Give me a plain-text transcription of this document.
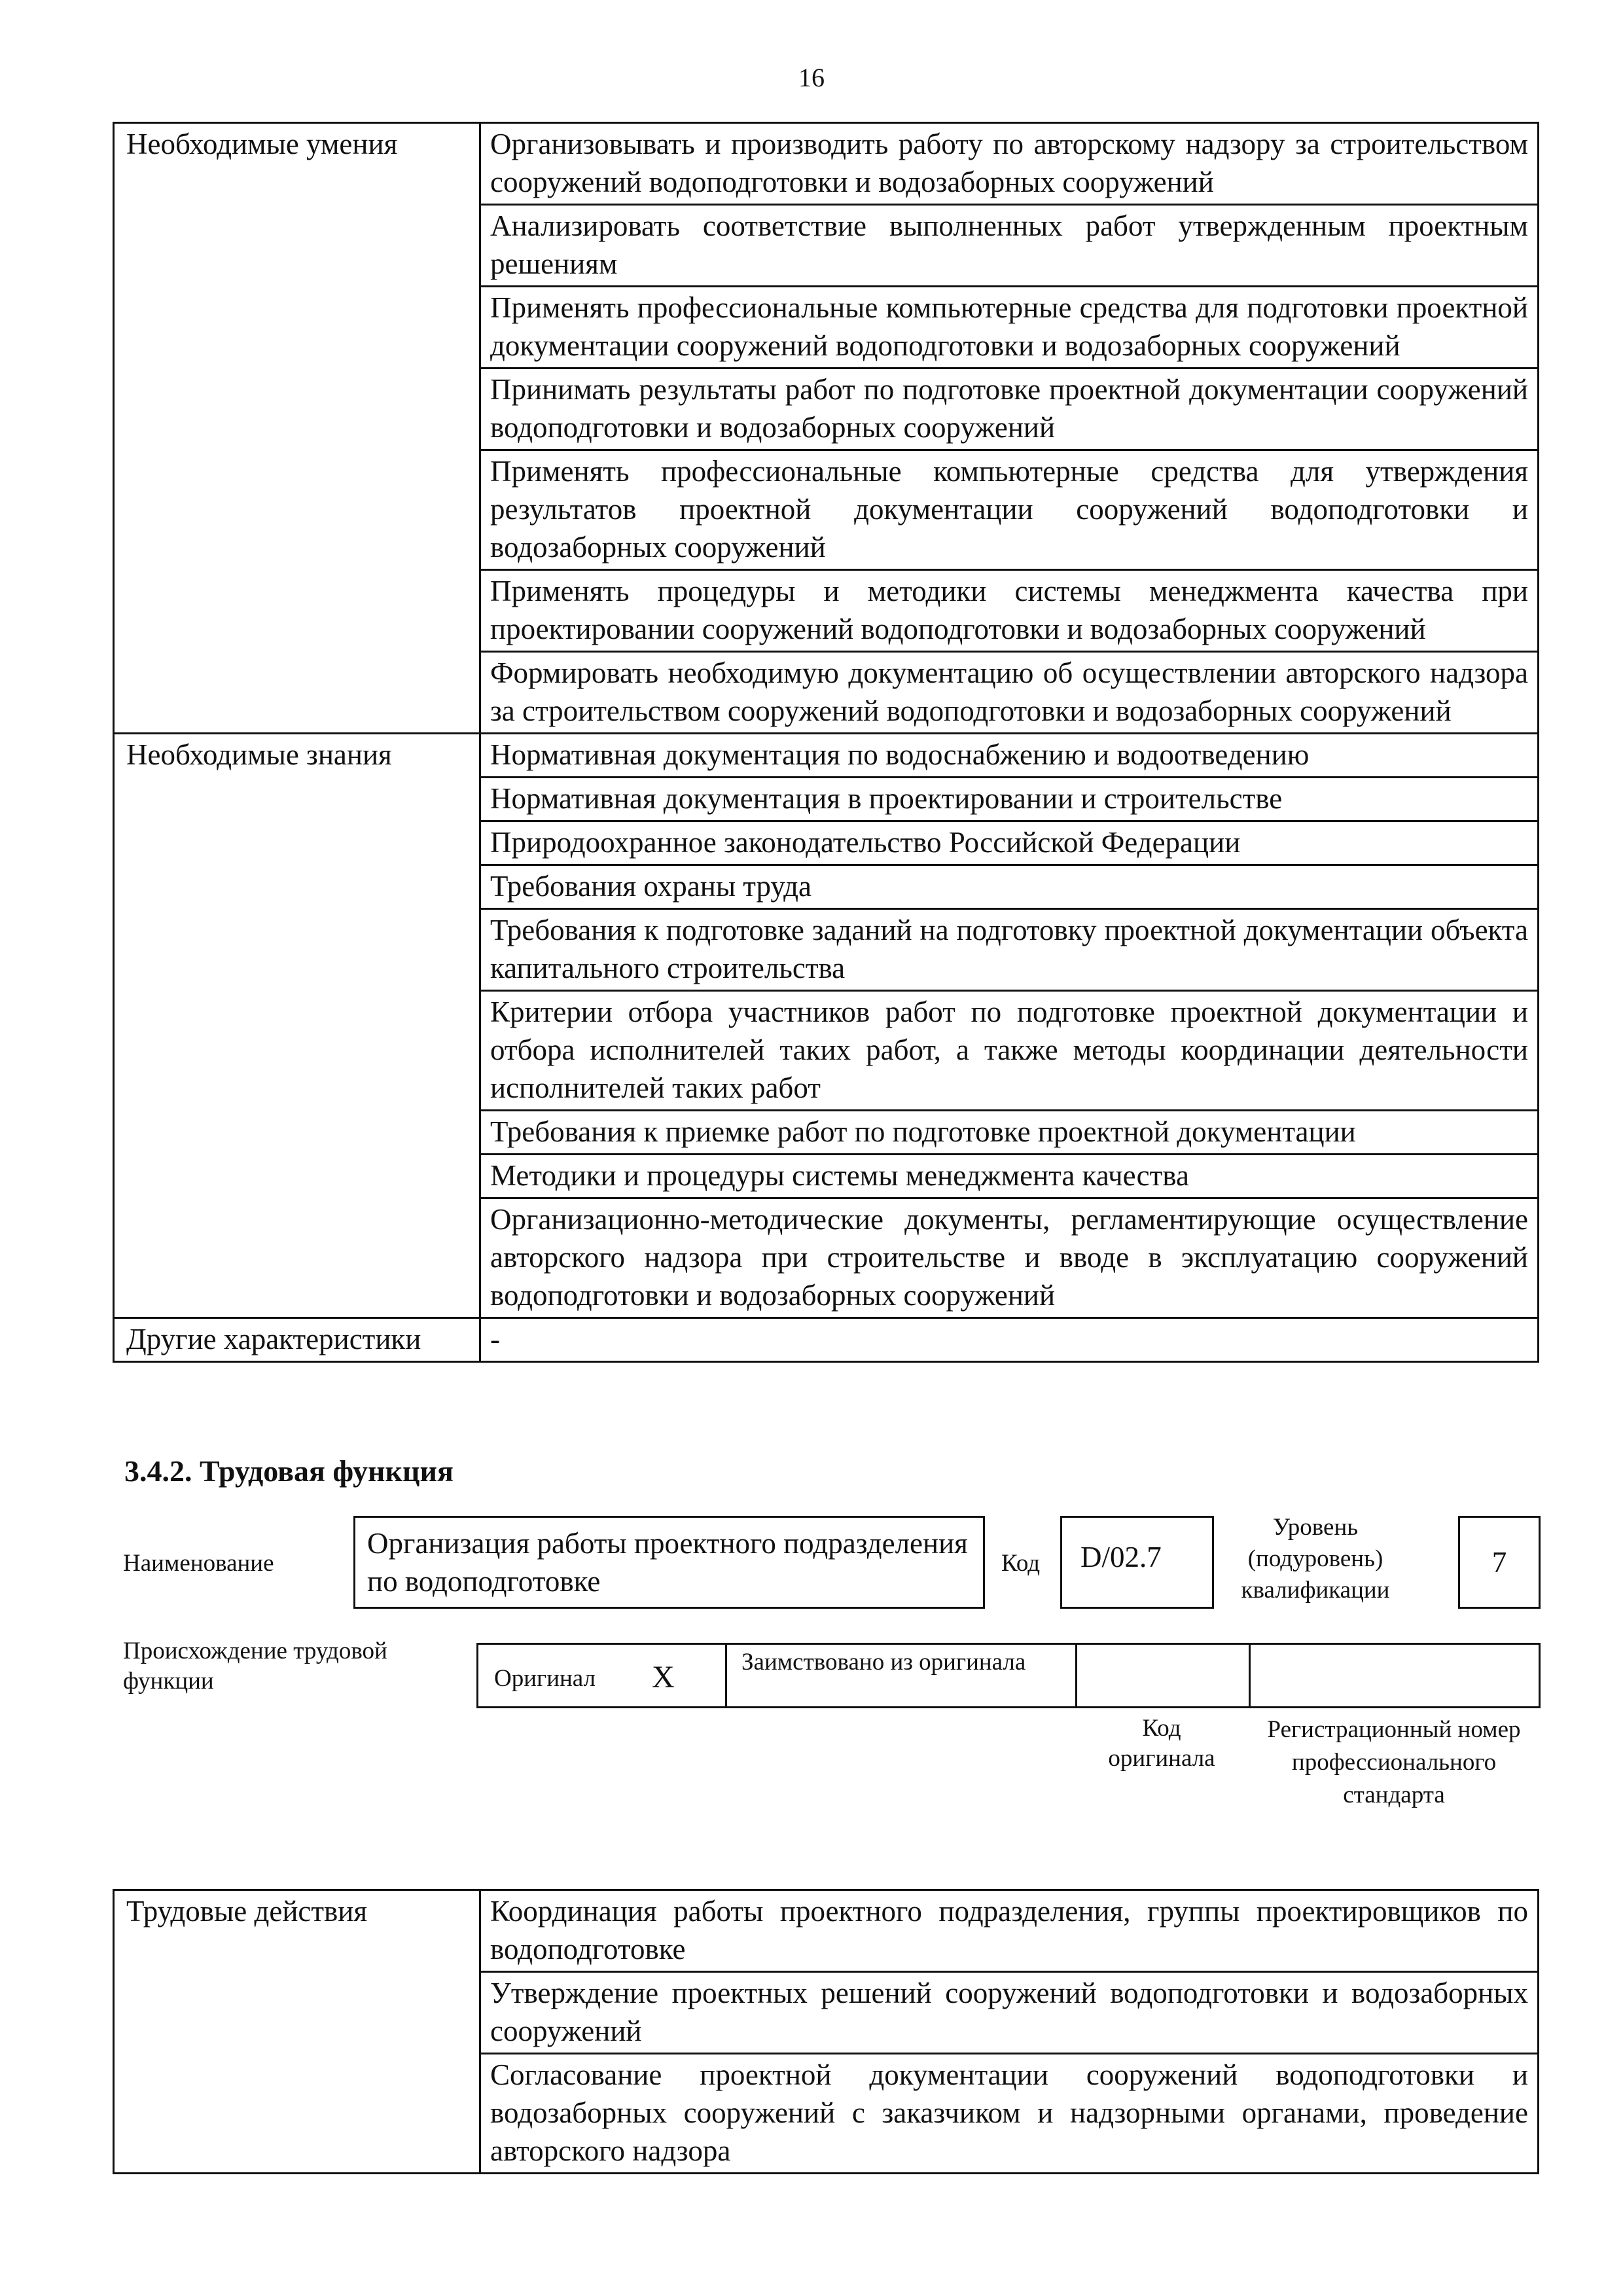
16
Необходимые умения	Организовывать и производить работу по авторскому надзору за строительством сооружений водоподготовки и водозаборных сооружений
	Анализировать соответствие выполненных работ утвержденным проектным решениям
	Применять профессиональные компьютерные средства для подготовки проектной документации сооружений водоподготовки и водозаборных сооружений
	Принимать результаты работ по подготовке проектной документации сооружений водоподготовки и водозаборных сооружений
	Применять профессиональные компьютерные средства для утверждения результатов проектной документации сооружений водоподготовки и водозаборных сооружений
	Применять процедуры и методики системы менеджмента качества при проектировании сооружений водоподготовки и водозаборных сооружений
	Формировать необходимую документацию об осуществлении авторского надзора за строительством сооружений водоподготовки и водозаборных сооружений
Необходимые знания	Нормативная документация по водоснабжению и водоотведению
	Нормативная документация в проектировании и строительстве
	Природоохранное законодательство Российской Федерации
	Требования охраны труда
	Требования к подготовке заданий на подготовку проектной документации объекта капитального строительства
	Критерии отбора участников работ по подготовке проектной документации и отбора исполнителей таких работ, а также методы координации деятельности исполнителей таких работ
	Требования к приемке работ по подготовке проектной документации
	Методики и процедуры системы менеджмента качества
	Организационно-методические документы, регламентирующие осуществление авторского надзора при строительстве и вводе в эксплуатацию сооружений водоподготовки и водозаборных сооружений
Другие характеристики	-
3.4.2. Трудовая функция
Наименование
Организация работы проектного подразделения по водоподготовке
Код	D/02.7
Уровень (подуровень) квалификации
7
Происхождение трудовой функции	Оригинал X	Заимствовано из оригинала
Код оригинала
Регистрационный номер профессионального стандарта
Трудовые действия	Координация работы проектного подразделения, группы проектировщиков по водоподготовке
Утверждение проектных решений сооружений водоподготовки и водозаборных сооружений
Согласование проектной документации сооружений водоподготовки и водозаборных сооружений с заказчиком и надзорными органами, проведение авторского надзора
